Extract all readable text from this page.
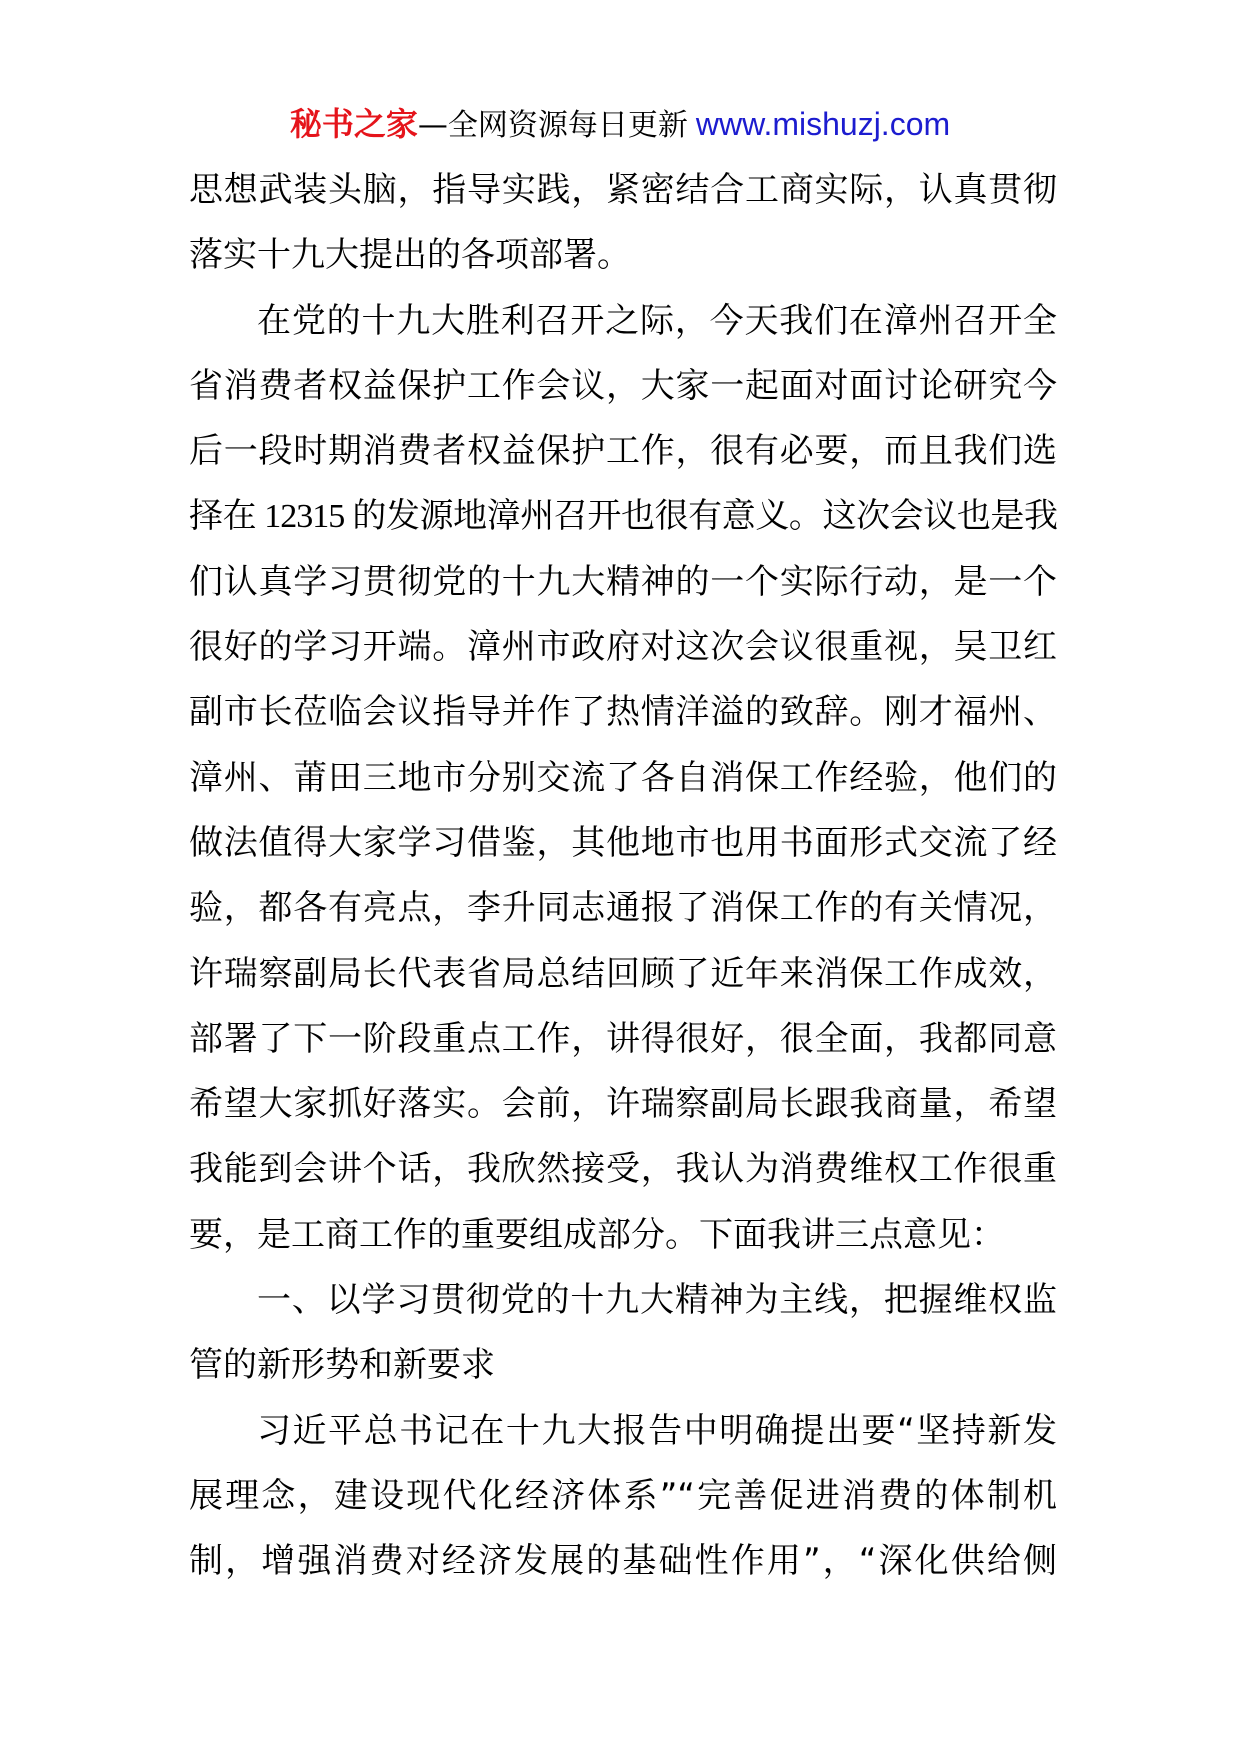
秘书之家—全网资源每日更新 www.mishuzj.com
思想武装头脑，指导实践，紧密结合工商实际，认真贯彻
落实十九大提出的各项部署。
在党的十九大胜利召开之际，今天我们在漳州召开全
省消费者权益保护工作会议，大家一起面对面讨论研究今
后一段时期消费者权益保护工作，很有必要，而且我们选
择在 12315 的发源地漳州召开也很有意义。这次会议也是我
们认真学习贯彻党的十九大精神的一个实际行动，是一个
很好的学习开端。漳州市政府对这次会议很重视，吴卫红
副市长莅临会议指导并作了热情洋溢的致辞。刚才福州、
漳州、莆田三地市分别交流了各自消保工作经验，他们的
做法值得大家学习借鉴，其他地市也用书面形式交流了经
验，都各有亮点，李升同志通报了消保工作的有关情况，
许瑞察副局长代表省局总结回顾了近年来消保工作成效，
部署了下一阶段重点工作，讲得很好，很全面，我都同意
希望大家抓好落实。会前，许瑞察副局长跟我商量，希望
我能到会讲个话，我欣然接受，我认为消费维权工作很重
要，是工商工作的重要组成部分。下面我讲三点意见：
一、以学习贯彻党的十九大精神为主线，把握维权监
管的新形势和新要求
习近平总书记在十九大报告中明确提出要“坚持新发
展理念，建设现代化经济体系”“完善促进消费的体制机
制，增强消费对经济发展的基础性作用”，“深化供给侧
